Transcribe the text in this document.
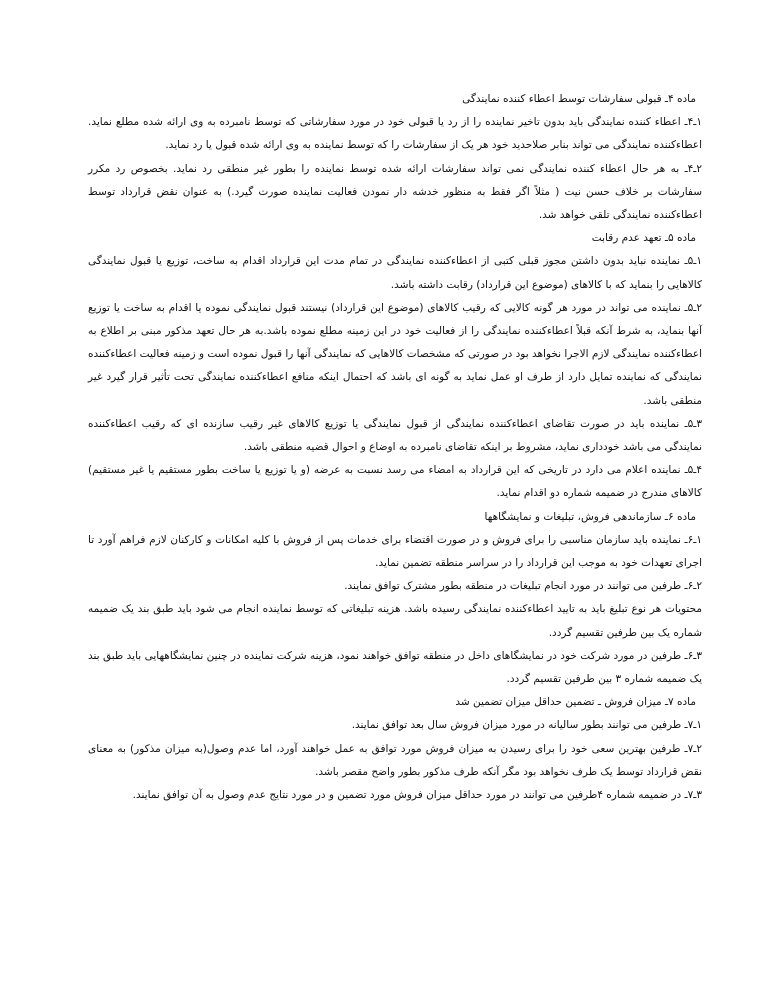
ماده ۴ـ قبولی سفارشات توسط اعطاء کننده نمایندگی

۱ـ۴ـ اعطاء کننده نمایندگی باید بدون تاخیر نماینده را از رد یا قبولی خود در مورد سفارشاتی که توسط نامبرده به وی ارائه شده مطلع نماید. اعطاءکننده نمایندگی می تواند بنابر صلاحدید خود هر یک از سفارشات را که توسط نماینده به وی ارائه شده قبول یا رد نماید.

۲ـ۴ـ به هر حال اعطاء کننده نمایندگی نمی تواند سفارشات ارائه شده توسط نماینده را بطور غیر منطقی رد نماید. بخصوص رد مکرر سفارشات بر خلاف حسن نیت ( مثلاً اگر فقط به منظور خدشه دار نمودن فعالیت نماینده صورت گیرد.) به عنوان نقض قرارداد توسط اعطاءکننده نمایندگی تلقی خواهد شد.

ماده ۵ـ تعهد عدم رقابت

۱ـ۵ـ نماینده نباید بدون داشتن مجوز قبلی کتبی از اعطاءکننده نمایندگی در تمام مدت این قرارداد اقدام به ساخت، توزیع یا قبول نمایندگی کالاهایی را بنماید که با کالاهای (موضوع این قرارداد) رقابت داشته باشد.

۲ـ۵ـ نماینده می تواند در مورد هر گونه کالایی که رقیب کالاهای (موضوع این قرارداد) نیستند قبول نمایندگی نموده یا اقدام به ساخت یا توزیع آنها بنماید، به شرط آنکه قبلاً اعطاءکننده نمایندگی را از فعالیت خود در این زمینه مطلع نموده باشد.به هر حال تعهد مذکور مبنی بر اطلاع به اعطاءکننده نمایندگی لازم الاجرا نخواهد بود در صورتی که مشخصات کالاهایی که نمایندگی آنها را قبول نموده است و زمینه فعالیت اعطاءکننده نمایندگی که نماینده تمایل دارد از طرف او عمل نماید به گونه ای باشد که احتمال اینکه منافع اعطاءکننده نمایندگی تحت تأثیر قرار گیرد غیر منطقی باشد.

۳ـ۵ـ نماینده باید در صورت تقاضای اعطاءکننده نمایندگی از قبول نمایندگی یا توزیع کالاهای غیر رقیب سازنده ای که رقیب اعطاءکننده نمایندگی می باشد خودداری نماید، مشروط بر اینکه تقاضای نامبرده به اوضاع و احوال قضیه منطقی باشد.

۴ـ۵ـ نماینده اعلام می دارد در تاریخی که این قرارداد به امضاء می رسد نسبت به عرضه (و یا توزیع یا ساخت بطور مستقیم یا غیر مستقیم) کالاهای مندرج در ضمیمه شماره دو اقدام نماید.

ماده ۶ـ سازماندهی فروش، تبلیغات و نمایشگاهها

۱ـ۶ـ نماینده باید سازمان مناسبی را برای فروش و در صورت اقتضاء برای خدمات پس از فروش با کلیه امکانات و کارکنان لازم فراهم آورد تا اجرای تعهدات خود به موجب این قرارداد را در سراسر منطقه تضمین نماید.

۲ـ۶ـ طرفین می توانند در مورد انجام تبلیغات در منطقه بطور مشترک توافق نمایند.

محتویات هر نوع تبلیغ باید به تایید اعطاءکننده نمایندگی رسیده باشد. هزینه تبلیغاتی که توسط نماینده انجام می شود باید طبق بند یک ضمیمه شماره یک بین طرفین تقسیم گردد.

۳ـ۶ـ طرفین در مورد شرکت خود در نمایشگاهای داخل در منطقه توافق خواهند نمود، هزینه شرکت نماینده در چنین نمایشگاههایی باید طبق بند یک ضمیمه شماره ۳ بین طرفین تقسیم گردد.

ماده ۷ـ میزان فروش ـ تضمین حداقل میزان تضمین شد

۱ـ۷ـ طرفین می توانند بطور سالیانه در مورد میزان فروش سال بعد توافق نمایند.

۲ـ۷ـ طرفین بهترین سعی خود را برای رسیدن به میزان فروش مورد توافق به عمل خواهند آورد، اما عدم وصول(به میزان مذکور) به معنای نقض قرارداد توسط یک طرف نخواهد بود مگر آنکه طرف مذکور بطور واضح مقصر باشد.

۳ـ۷ـ در ضمیمه شماره ۴طرفین می توانند در مورد حداقل میزان فروش مورد تضمین و در مورد نتایج عدم وصول به آن توافق نمایند.
